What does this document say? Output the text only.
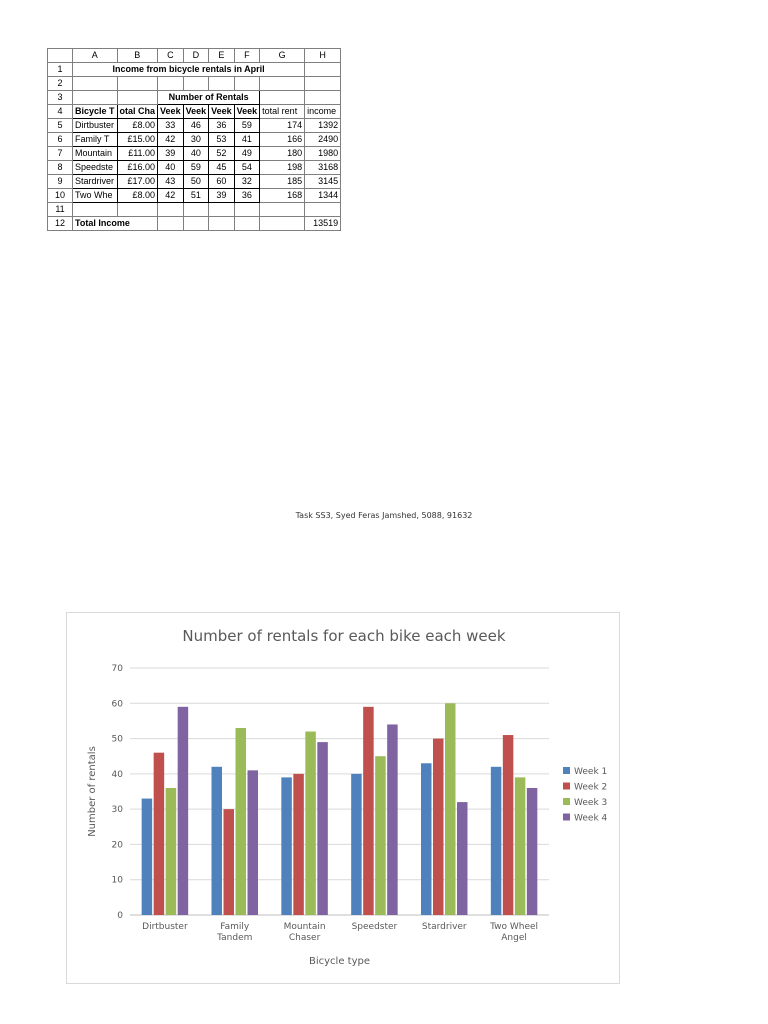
	A	B	C	D	E	F	G	H
1	Income from bicycle rentals in April							
2								
3			Number of Rentals					
4	Bicycle T	otal Cha	Veek	Veek	Veek	Veek	total rent	income
5	Dirtbuster	£8.00	33	46	36	59	174	1392
6	Family T	£15.00	42	30	53	41	166	2490
7	Mountain	£11.00	39	40	52	49	180	1980
8	Speedste	£16.00	40	59	45	54	198	3168
9	Stardriver	£17.00	43	50	60	32	185	3145
10	Two Whe	£8.00	42	51	39	36	168	1344
11								
12	Total Income							13519
Task SS3, Syed Feras Jamshed, 5088, 91632
Number of rentals for each bike each week
0
10
20
30
40
50
60
70
Dirtbuster	Family Tandem
Mountain Chaser
Speedster	Stardriver	Two Wheel Angel
Bicycle type
Number of rentals	Week 1
Week 2
Week 3
Week 4
